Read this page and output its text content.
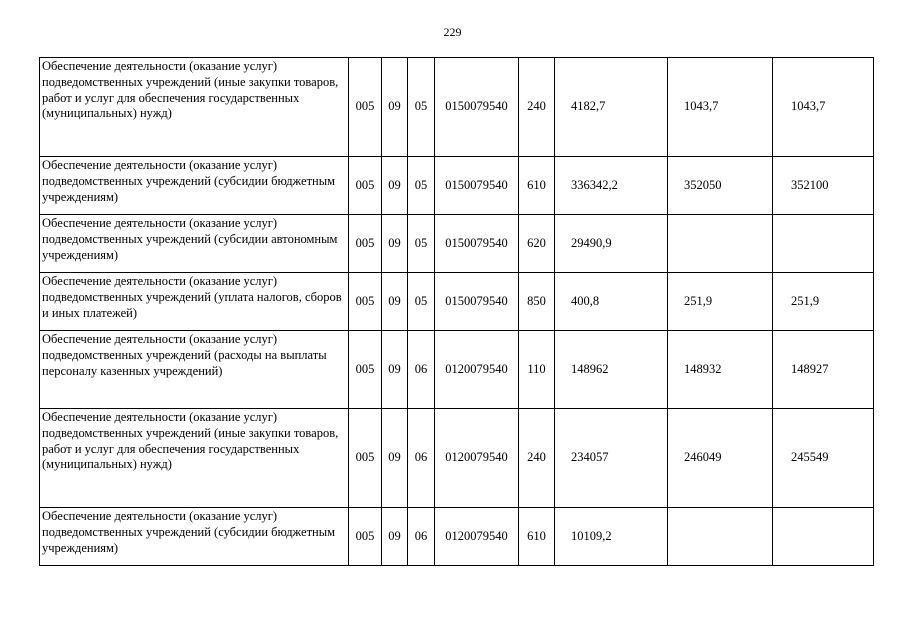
229
Обеспечение деятельности (оказание услуг) подведомственных учреждений (иные закупки товаров, работ и услуг для обеспечения государственных (муниципальных) нужд)	005	09	05	0150079540	240	4182,7	1043,7	1043,7
Обеспечение деятельности (оказание услуг) подведомственных учреждений (субсидии бюджетным учреждениям)	005	09	05	0150079540	610	336342,2	352050	352100
Обеспечение деятельности (оказание услуг) подведомственных учреждений (субсидии автономным учреждениям)	005	09	05	0150079540	620	29490,9		
Обеспечение деятельности (оказание услуг) подведомственных учреждений (уплата налогов, сборов и иных платежей)	005	09	05	0150079540	850	400,8	251,9	251,9
Обеспечение деятельности (оказание услуг) подведомственных учреждений (расходы на выплаты персоналу казенных учреждений)	005	09	06	0120079540	110	148962	148932	148927
Обеспечение деятельности (оказание услуг) подведомственных учреждений (иные закупки товаров, работ и услуг для обеспечения государственных (муниципальных) нужд)	005	09	06	0120079540	240	234057	246049	245549
Обеспечение деятельности (оказание услуг) подведомственных учреждений (субсидии бюджетным учреждениям)	005	09	06	0120079540	610	10109,2		
